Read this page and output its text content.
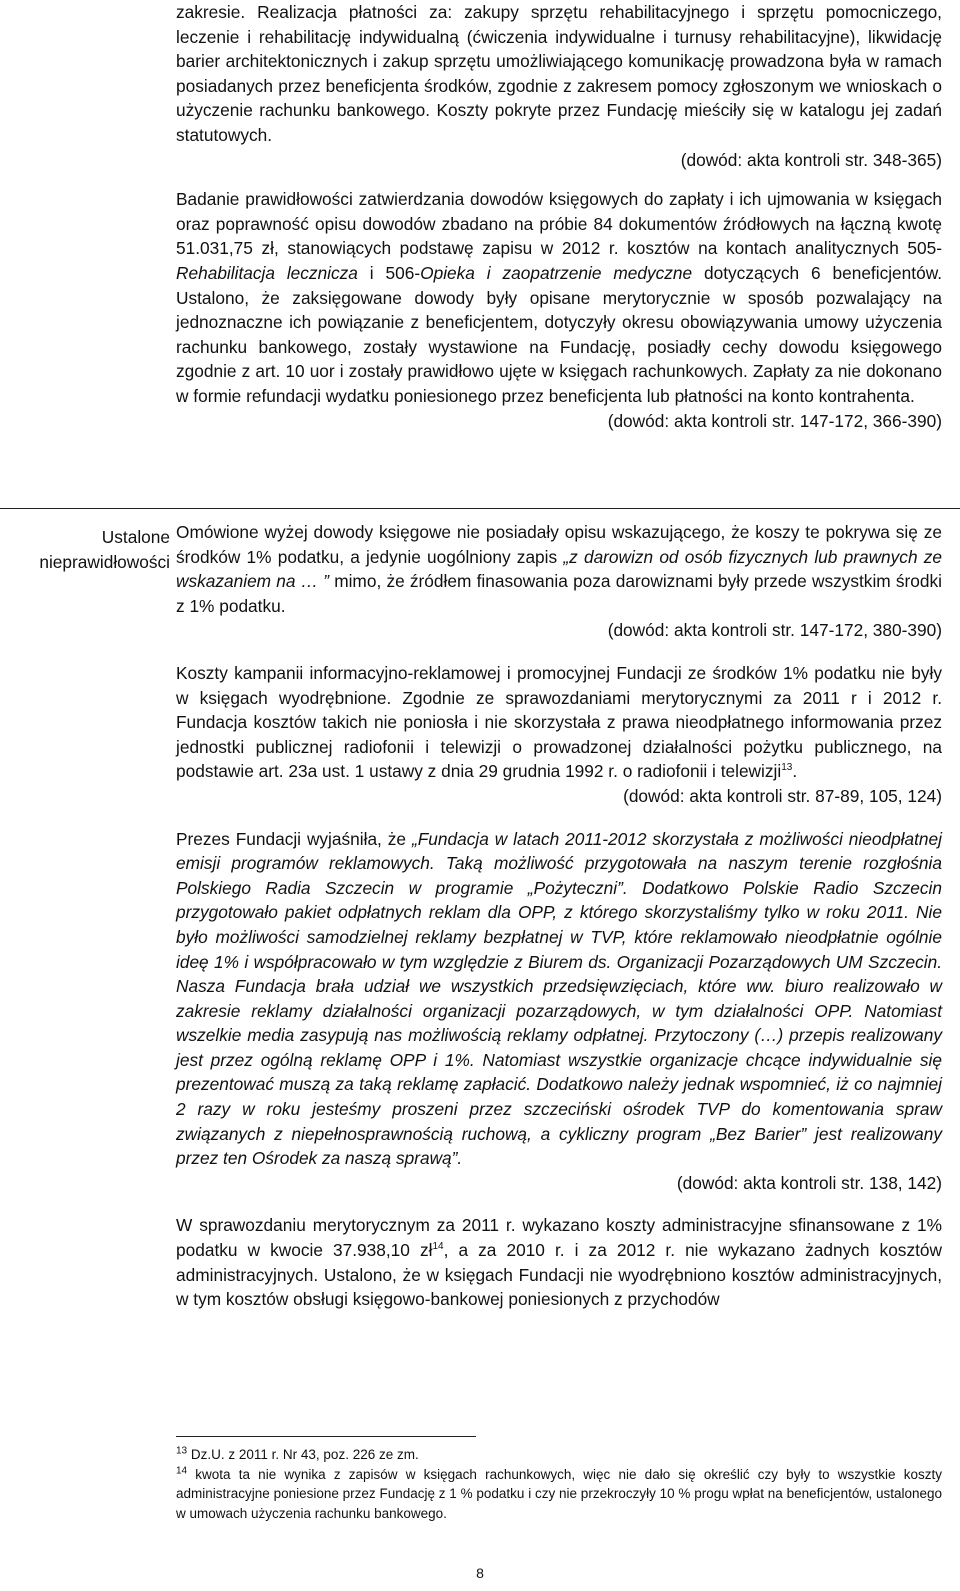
zakresie. Realizacja płatności za: zakupy sprzętu rehabilitacyjnego i sprzętu pomocniczego, leczenie i rehabilitację indywidualną (ćwiczenia indywidualne i turnusy rehabilitacyjne), likwidację barier architektonicznych i zakup sprzętu umożliwiającego komunikację prowadzona była w ramach posiadanych przez beneficjenta środków, zgodnie z zakresem pomocy zgłoszonym we wnioskach o użyczenie rachunku bankowego. Koszty pokryte przez Fundację mieściły się w katalogu jej zadań statutowych.

(dowód: akta kontroli str. 348-365)

Badanie prawidłowości zatwierdzania dowodów księgowych do zapłaty i ich ujmowania w księgach oraz poprawność opisu dowodów zbadano na próbie 84 dokumentów źródłowych na łączną kwotę 51.031,75 zł, stanowiących podstawę zapisu w 2012 r. kosztów na kontach analitycznych 505-Rehabilitacja lecznicza i 506-Opieka i zaopatrzenie medyczne dotyczących 6 beneficjentów. Ustalono, że zaksięgowane dowody były opisane merytorycznie w sposób pozwalający na jednoznaczne ich powiązanie z beneficjentem, dotyczyły okresu obowiązywania umowy użyczenia rachunku bankowego, zostały wystawione na Fundację, posiadły cechy dowodu księgowego zgodnie z art. 10 uor i zostały prawidłowo ujęte w księgach rachunkowych. Zapłaty za nie dokonano w formie refundacji wydatku poniesionego przez beneficjenta lub płatności na konto kontrahenta.

(dowód: akta kontroli str. 147-172, 366-390)

Ustalone
nieprawidłowości

Omówione wyżej dowody księgowe nie posiadały opisu wskazującego, że koszy te pokrywa się ze środków 1% podatku, a jedynie uogólniony zapis „z darowizn od osób fizycznych lub prawnych ze wskazaniem na … ” mimo, że źródłem finasowania poza darowiznami były przede wszystkim środki z 1% podatku.

(dowód: akta kontroli str. 147-172, 380-390)

Koszty kampanii informacyjno-reklamowej i promocyjnej Fundacji ze środków 1% podatku nie były w księgach wyodrębnione. Zgodnie ze sprawozdaniami merytorycznymi za 2011 r i 2012 r. Fundacja kosztów takich nie poniosła i nie skorzystała z prawa nieodpłatnego informowania przez jednostki publicznej radiofonii i telewizji o prowadzonej działalności pożytku publicznego, na podstawie art. 23a ust. 1 ustawy z dnia 29 grudnia 1992 r. o radiofonii i telewizji$^{13}$.

(dowód: akta kontroli str. 87-89, 105, 124)

Prezes Fundacji wyjaśniła, że „Fundacja w latach 2011-2012 skorzystała z możliwości nieodpłatnej emisji programów reklamowych. Taką możliwość przygotowała na naszym terenie rozgłośnia Polskiego Radia Szczecin w programie „Pożyteczni”. Dodatkowo Polskie Radio Szczecin przygotowało pakiet odpłatnych reklam dla OPP, z którego skorzystaliśmy tylko w roku 2011. Nie było możliwości samodzielnej reklamy bezpłatnej w TVP, które reklamowało nieodpłatnie ogólnie ideę 1% i współpracowało w tym względzie z Biurem ds. Organizacji Pozarządowych UM Szczecin. Nasza Fundacja brała udział we wszystkich przedsięwzięciach, które ww. biuro realizowało w zakresie reklamy działalności organizacji pozarządowych, w tym działalności OPP. Natomiast wszelkie media zasypują nas możliwością reklamy odpłatnej. Przytoczony (…) przepis realizowany jest przez ogólną reklamę OPP i 1%. Natomiast wszystkie organizacje chcące indywidualnie się prezentować muszą za taką reklamę zapłacić. Dodatkowo należy jednak wspomnieć, iż co najmniej 2 razy w roku jesteśmy proszeni przez szczeciński ośrodek TVP do komentowania spraw związanych z niepełnosprawnością ruchową, a cykliczny program „Bez Barier” jest realizowany przez ten Ośrodek za naszą sprawą”.

(dowód: akta kontroli str. 138, 142)

W sprawozdaniu merytorycznym za 2011 r. wykazano koszty administracyjne sfinansowane z 1% podatku w kwocie 37.938,10 $zł^{14}$, a za 2010 r. i za 2012 r. nie wykazano żadnych kosztów administracyjnych. Ustalono, że w księgach Fundacji nie wyodrębniono kosztów administracyjnych, w tym kosztów obsługi księgowo-bankowej poniesionych z przychodów

$^{13}$ Dz.U. z 2011 r. Nr 43, poz. 226 ze zm.

$^{14}$ kwota ta nie wynika z zapisów w księgach rachunkowych, więc nie dało się określić czy były to wszystkie koszty administracyjne poniesione przez Fundację z 1 % podatku i czy nie przekroczyły 10 % progu wpłat na beneficjentów, ustalonego w umowach użyczenia rachunku bankowego.

8
